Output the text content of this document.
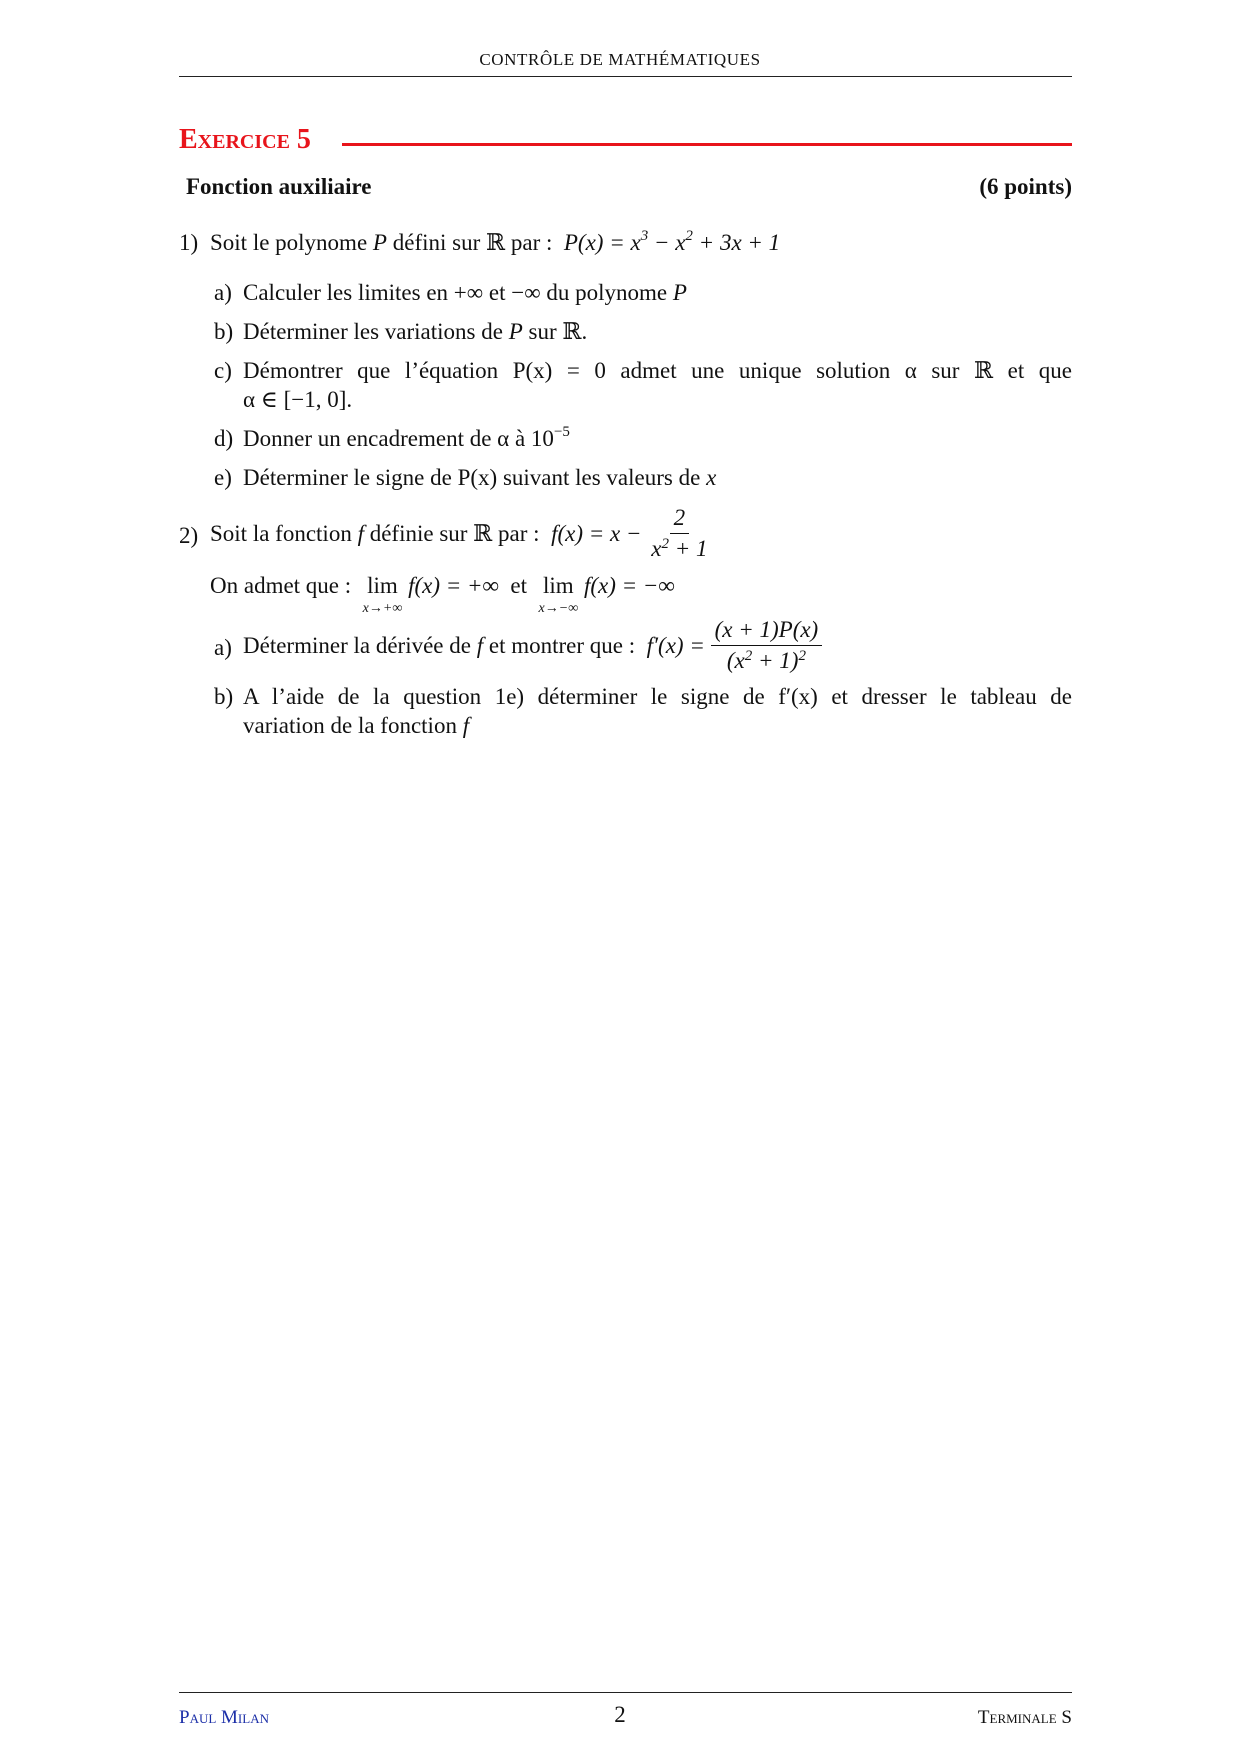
CONTRÔLE DE MATHÉMATIQUES
Exercice 5
Fonction auxiliaire	(6 points)
1) Soit le polynome P défini sur ℝ par : $P(x) = x^3 - x^2 + 3x + 1$
a) Calculer les limites en +∞ et −∞ du polynome P
b) Déterminer les variations de P sur ℝ.
c) Démontrer que l’équation P(x) = 0 admet une unique solution α sur ℝ et que
α ∈ [−1, 0].
d) Donner un encadrement de α à $10^{-5}$
e) Déterminer le signe de P(x) suivant les valeurs de x
2) Soit la fonction f définie sur ℝ par : $f(x) = x - \frac{2}{x^2 + 1}$
On admet que : lim
x→+∞
f(x) = +∞ et lim
x→−∞
f(x) = −∞
a) Déterminer la dérivée de f et montrer que : $f'(x) = \frac{(x + 1)P(x)}{(x^2 + 1)^2}$
b) A l’aide de la question 1e) déterminer le signe de f′(x) et dresser le tableau de
variation de la fonction f
Paul Milan	2	Terminale S
